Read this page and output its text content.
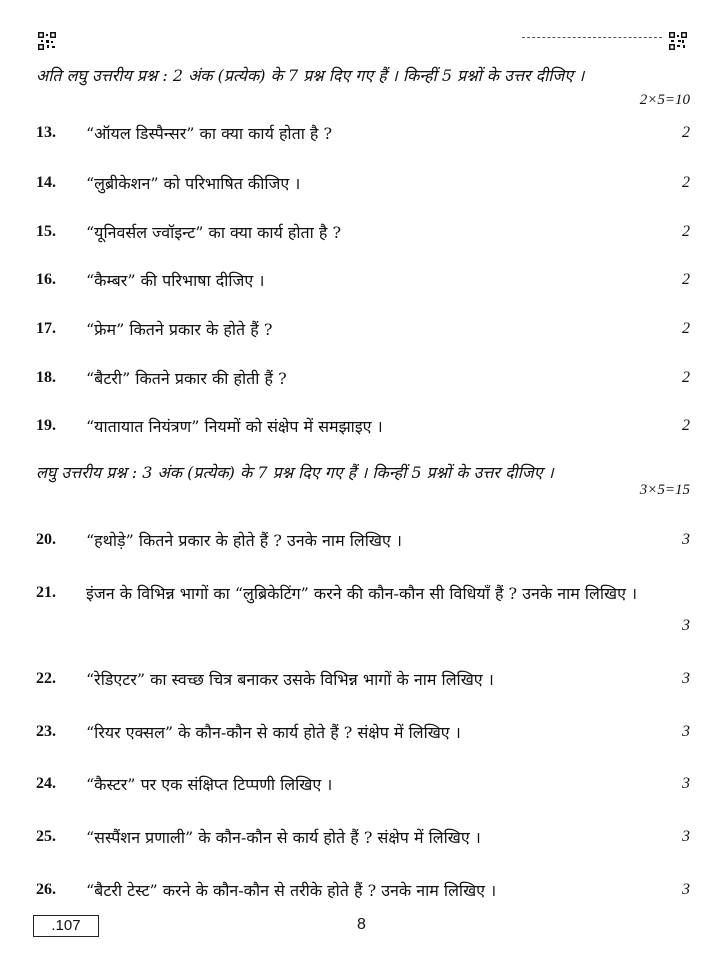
अति लघु उत्तरीय प्रश्न : 2 अंक (प्रत्येक) के 7 प्रश्न दिए गए हैं । किन्हीं 5 प्रश्नों के उत्तर दीजिए ।
2×5=10
13. “ऑयल डिस्पैन्सर” का क्या कार्य होता है ?	2
14. “लुब्रीकेशन” को परिभाषित कीजिए ।	2
15. “यूनिवर्सल ज्वॉइन्ट” का क्या कार्य होता है ?	2
16. “कैम्बर” की परिभाषा दीजिए ।	2
17. “फ्रेम” कितने प्रकार के होते हैं ?	2
18. “बैटरी” कितने प्रकार की होती हैं ?	2
19. “यातायात नियंत्रण” नियमों को संक्षेप में समझाइए ।	2
लघु उत्तरीय प्रश्न : 3 अंक (प्रत्येक) के 7 प्रश्न दिए गए हैं । किन्हीं 5 प्रश्नों के उत्तर दीजिए ।
3×5=15
20. “हथोड़े” कितने प्रकार के होते हैं ? उनके नाम लिखिए ।	3
21. इंजन के विभिन्न भागों का “लुब्रिकेटिंग” करने की कौन-कौन सी विधियाँ हैं ? उनके नाम लिखिए ।
3
22. “रेडिएटर” का स्वच्छ चित्र बनाकर उसके विभिन्न भागों के नाम लिखिए ।	3
23. “रियर एक्सल” के कौन-कौन से कार्य होते हैं ? संक्षेप में लिखिए ।	3
24. “कैस्टर” पर एक संक्षिप्त टिप्पणी लिखिए ।	3
25. “सस्पैंशन प्रणाली” के कौन-कौन से कार्य होते हैं ? संक्षेप में लिखिए ।	3
26. “बैटरी टेस्ट” करने के कौन-कौन से तरीके होते हैं ? उनके नाम लिखिए ।	3
.107	8
